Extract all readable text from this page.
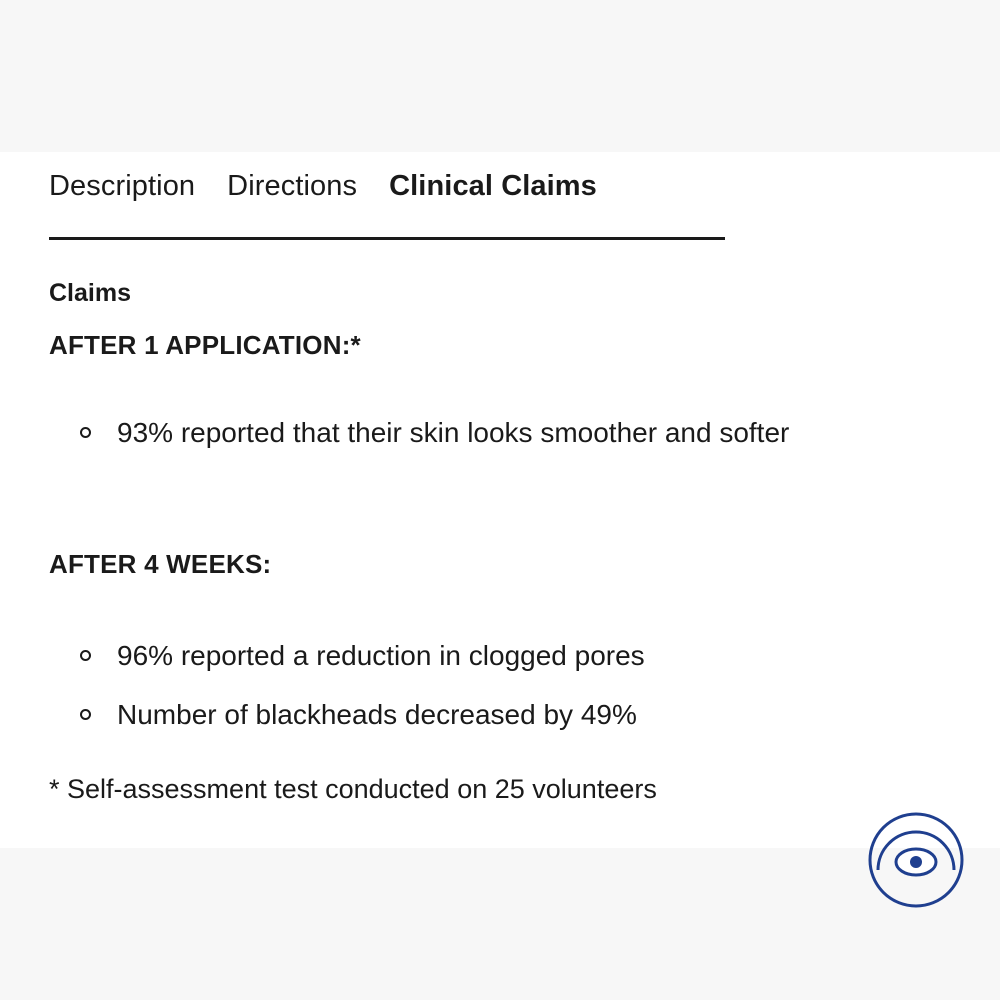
Description Directions Clinical Claims
Claims
AFTER 1 APPLICATION:*
93% reported that their skin looks smoother and softer
AFTER 4 WEEKS:
96% reported a reduction in clogged pores
Number of blackheads decreased by 49%
* Self-assessment test conducted on 25 volunteers
